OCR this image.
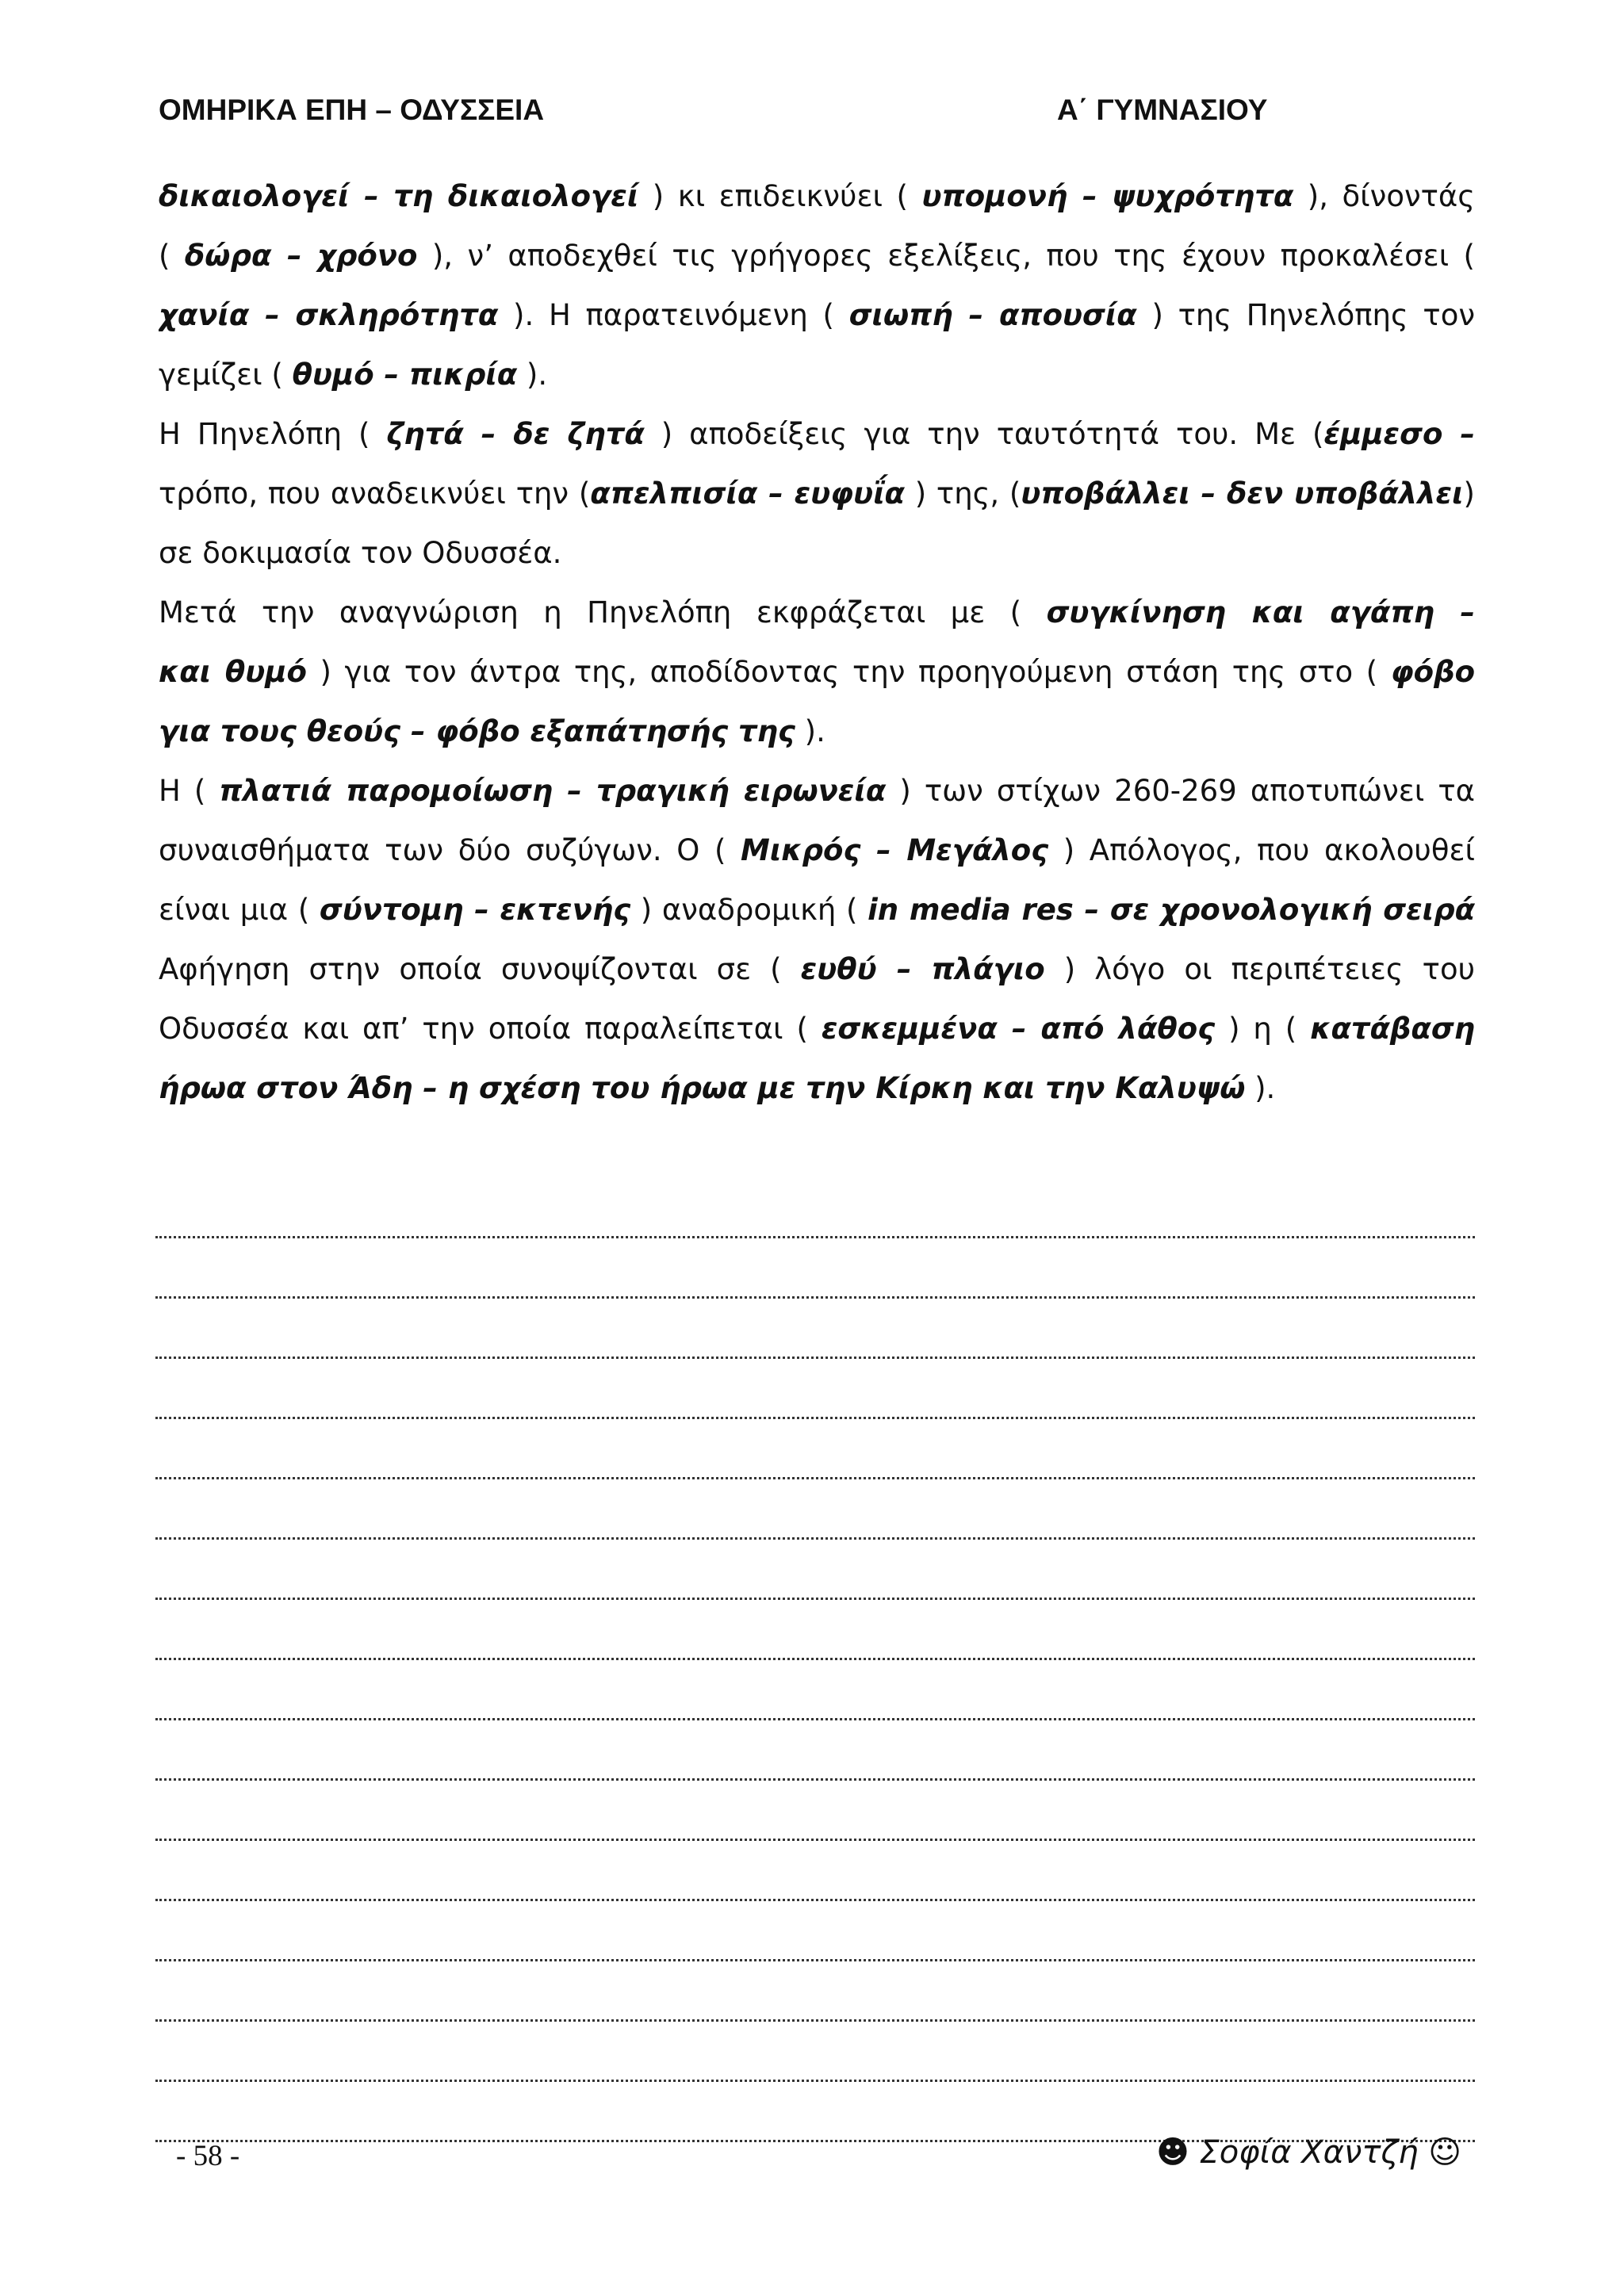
ΟΜΗΡΙΚΑ ΕΠΗ – ΟΔΥΣΣΕΙΑ	Α΄ ΓΥΜΝΑΣΙΟΥ
δικαιολογεί – τη δικαιολογεί ) κι επιδεικνύει ( υπομονή – ψυχρότητα ), δίνοντάς
( δώρα – χρόνο ), ν’ αποδεχθεί τις γρήγορες εξελίξεις, που της έχουν προκαλέσει (
χανία – σκληρότητα ). Η παρατεινόμενη ( σιωπή – απουσία ) της Πηνελόπης τον
γεμίζει ( θυμό – πικρία ).
Η Πηνελόπη ( ζητά – δε ζητά ) αποδείξεις για την ταυτότητά του. Με (έμμεσο –
τρόπο, που αναδεικνύει την (απελπισία – ευφυΐα ) της, (υποβάλλει – δεν υποβάλλει)
σε δοκιμασία τον Οδυσσέα.
Μετά την αναγνώριση η Πηνελόπη εκφράζεται με ( συγκίνηση και αγάπη –
και θυμό ) για τον άντρα της, αποδίδοντας την προηγούμενη στάση της στο ( φόβο
για τους θεούς – φόβο εξαπάτησής της ).
Η ( πλατιά παρομοίωση – τραγική ειρωνεία ) των στίχων 260-269 αποτυπώνει τα
συναισθήματα των δύο συζύγων. Ο ( Μικρός – Μεγάλος ) Απόλογος, που ακολουθεί
είναι μια ( σύντομη – εκτενής ) αναδρομική ( in media res – σε χρονολογική σειρά
Αφήγηση στην οποία συνοψίζονται σε ( ευθύ – πλάγιο ) λόγο οι περιπέτειες του
Οδυσσέα και απ’ την οποία παραλείπεται ( εσκεμμένα – από λάθος ) η ( κατάβαση
ήρωα στον Άδη – η σχέση του ήρωα με την Κίρκη και την Καλυψώ ).
- 58 -	☻ Σοφία Χαντζή ☺
